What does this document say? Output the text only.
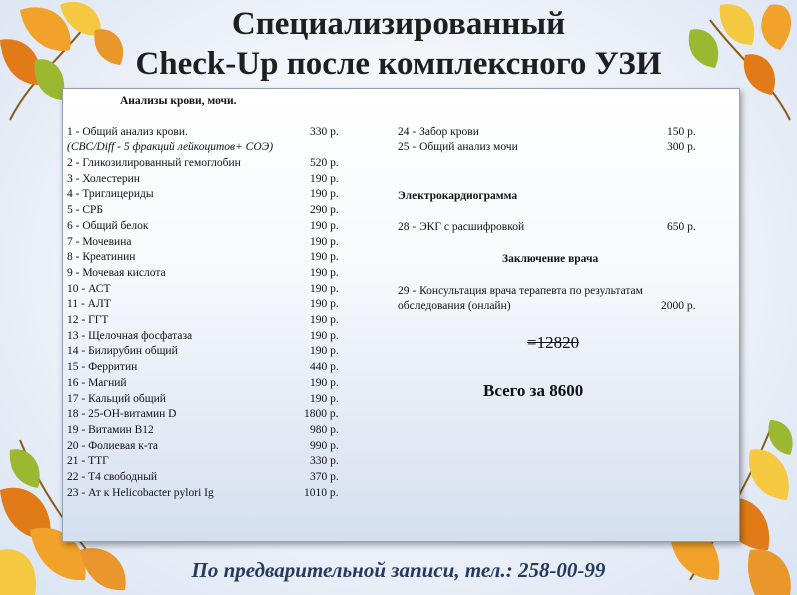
Специализированный
Check-Up после комплексного УЗИ
Анализы крови, мочи.
1 - Общий анализ крови.	330 р.
(CBC/Diff - 5 фракций лейкоцитов+ СОЭ)
2 - Гликозилированный гемоглобин	520 р.
3 - Холестерин	190 р.
4 - Триглицериды	190 р.
5 - СРБ	290 р.
6 - Общий белок	190 р.
7 - Мочевина	190 р.
8 - Креатинин	190 р.
9 - Мочевая кислота	190 р.
10 - АСТ	190 р.
11 - АЛТ	190 р.
12 - ГГТ	190 р.
13 - Щелочная фосфатаза	190 р.
14 - Билирубин общий	190 р.
15 - Ферритин	440 р.
16 - Магний	190 р.
17 - Кальций общий	190 р.
18 - 25-ОН-витамин D	1800 р.
19 - Витамин В12	980 р.
20 - Фолиевая к-та	990 р.
21 - ТТГ	330 р.
22 - Т4 свободный	370 р.
23 - Ат к Helicobacter pylori Ig	1010 р.
24 - Забор крови	150 р.
25 - Общий анализ мочи	300 р.
Электрокардиограмма
28 - ЭКГ с расшифровкой	650 р.
Заключение врача
29 - Консультация врача терапевта по результатам
обследования (онлайн)	2000 р.
=12820
Всего за 8600
По предварительной записи, тел.: 258-00-99
